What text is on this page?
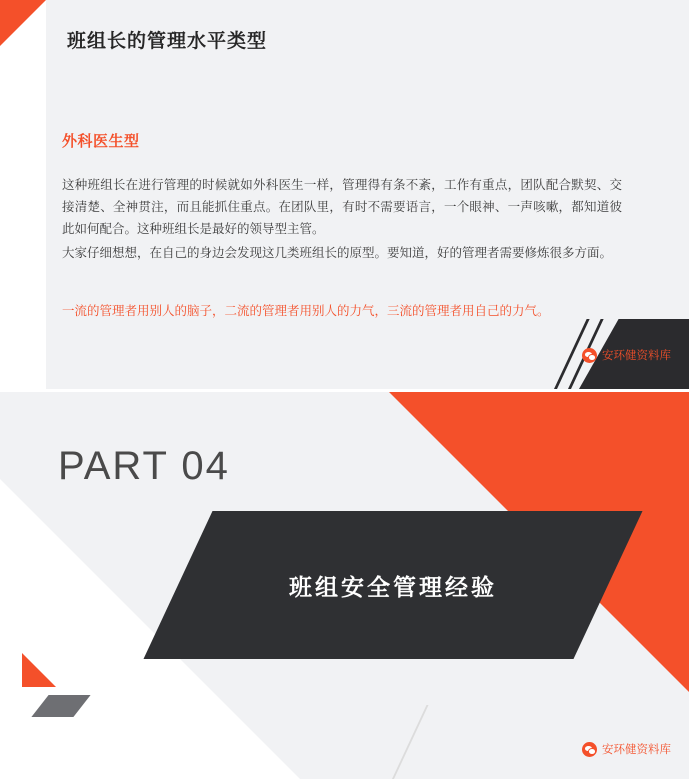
班组长的管理水平类型
外科医生型

这种班组长在进行管理的时候就如外科医生一样，管理得有条不紊，工作有重点，团队配合默契、交接清楚、全神贯注，而且能抓住重点。在团队里，有时不需要语言，一个眼神、一声咳嗽，都知道彼此如何配合。这种班组长是最好的领导型主管。

大家仔细想想，在自己的身边会发现这几类班组长的原型。要知道，好的管理者需要修炼很多方面。

一流的管理者用别人的脑子，二流的管理者用别人的力气，三流的管理者用自己的力气。
安环健资料库
PART 04
班组安全管理经验
安环健资料库
